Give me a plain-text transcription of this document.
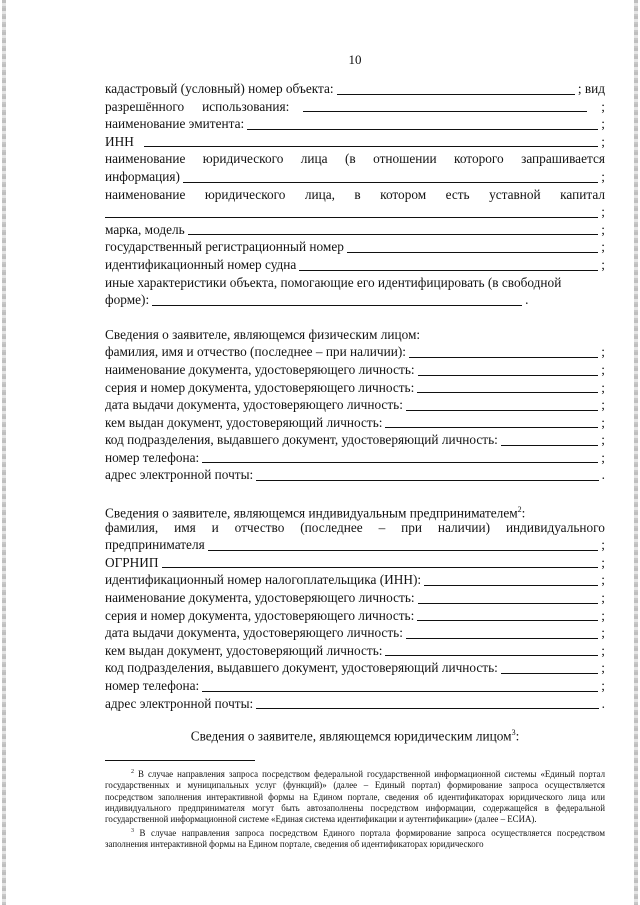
10
кадастровый (условный) номер объекта:	; вид
разрешённого использования:	;
наименование эмитента:	;
ИНН	;
наименование юридического лица (в отношении которого запрашивается
информация)	;
наименование юридического лица, в котором есть уставной капитал
;
марка, модель	;
государственный регистрационный номер	;
идентификационный номер судна	;
иные характеристики объекта, помогающие его идентифицировать (в свободной
форме):	.
Сведения о заявителе, являющемся физическим лицом:
фамилия, имя и отчество (последнее – при наличии):	;
наименование документа, удостоверяющего личность:	;
серия и номер документа, удостоверяющего личность:	;
дата выдачи документа, удостоверяющего личность:	;
кем выдан документ, удостоверяющий личность:	;
код подразделения, выдавшего документ, удостоверяющий личность:	;
номер телефона:	;
адрес электронной почты:	.
Сведения о заявителе, являющемся индивидуальным предпринимателем$^2$:
фамилия, имя и отчество (последнее – при наличии) индивидуального
предпринимателя	;
ОГРНИП	;
идентификационный номер налогоплательщика (ИНН):	;
наименование документа, удостоверяющего личность:	;
серия и номер документа, удостоверяющего личность:	;
дата выдачи документа, удостоверяющего личность:	;
кем выдан документ, удостоверяющий личность:	;
код подразделения, выдавшего документ, удостоверяющий личность:	;
номер телефона:	;
адрес электронной почты:	.
Сведения о заявителе, являющемся юридическим лицом$^3$:
$^2$ В случае направления запроса посредством федеральной государственной информационной системы «Единый портал государственных и муниципальных услуг (функций)» (далее – Единый портал) формирование запроса осуществляется посредством заполнения интерактивной формы на Едином портале, сведения об идентификаторах юридического лица или индивидуального предпринимателя могут быть автозаполнены посредством информации, содержащейся в федеральной государственной информационной системе «Единая система идентификации и аутентификации» (далее – ЕСИА).
$^3$ В случае направления запроса посредством Единого портала формирование запроса осуществляется посредством заполнения интерактивной формы на Едином портале, сведения об идентификаторах юридического
